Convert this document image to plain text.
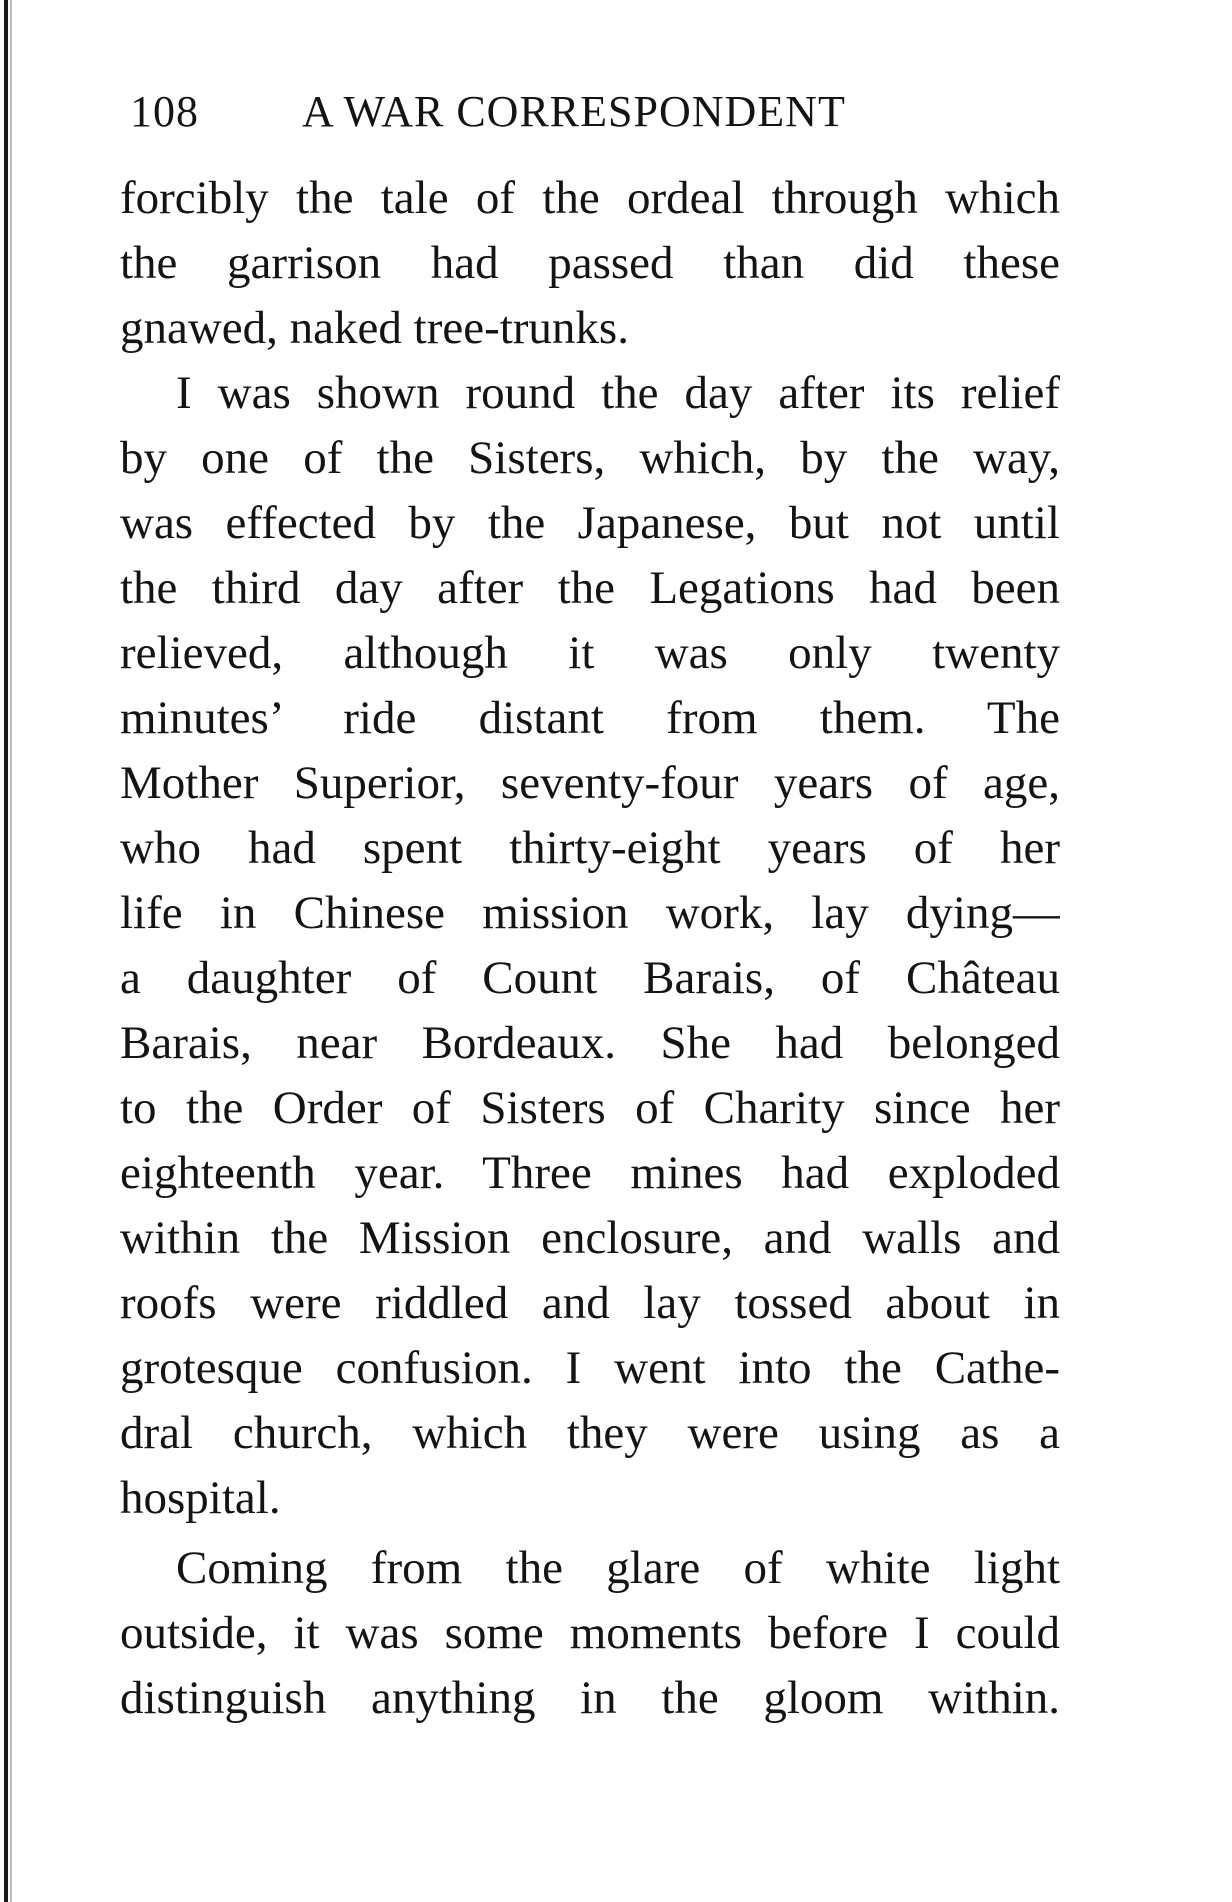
108 A WAR CORRESPONDENT
forcibly the tale of the ordeal through which
the garrison had passed than did these
gnawed, naked tree-trunks.
I was shown round the day after its relief
by one of the Sisters, which, by the way,
was effected by the Japanese, but not until
the third day after the Legations had been
relieved, although it was only twenty
minutes’ ride distant from them. The
Mother Superior, seventy-four years of age,
who had spent thirty-eight years of her
life in Chinese mission work, lay dying—
a daughter of Count Barais, of Château
Barais, near Bordeaux. She had belonged
to the Order of Sisters of Charity since her
eighteenth year. Three mines had exploded
within the Mission enclosure, and walls and
roofs were riddled and lay tossed about in
grotesque confusion. I went into the Cathe-
dral church, which they were using as a
hospital.
Coming from the glare of white light
outside, it was some moments before I could
distinguish anything in the gloom within.
